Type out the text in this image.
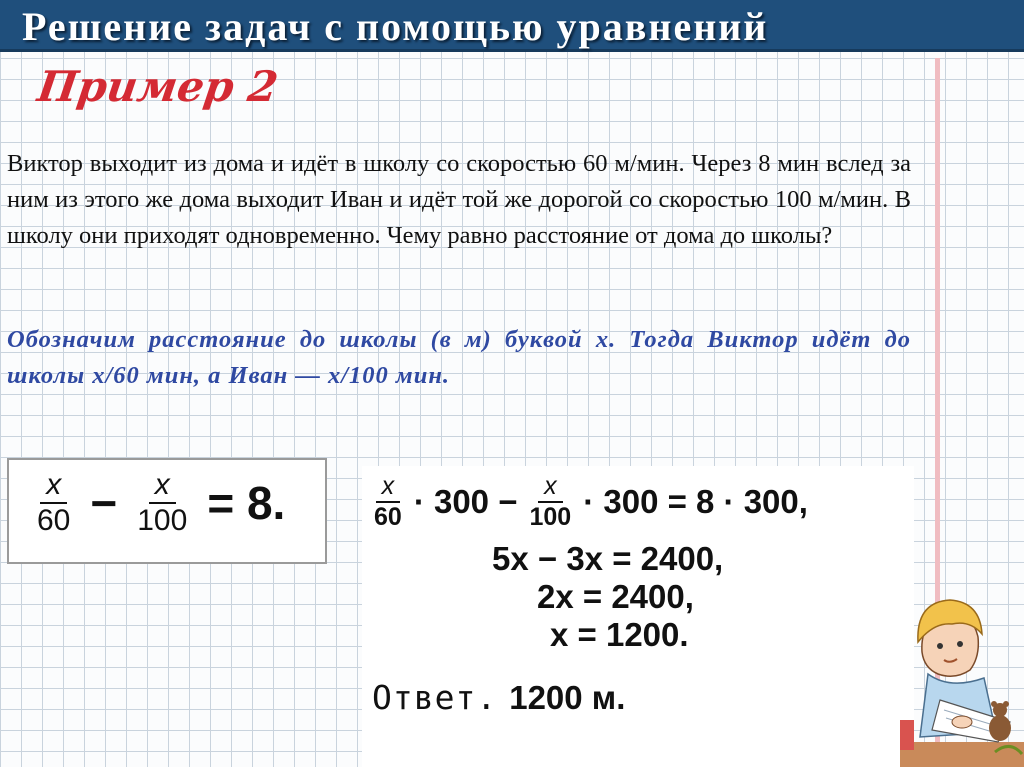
Решение задач с помощью уравнений
Пример 2

Виктор выходит из дома и идёт в школу со скоростью 60 м/мин. Через 8 мин вслед за ним из этого же дома выходит Иван и идёт той же дорогой со скоростью 100 м/мин. В школу они приходят одновременно. Чему равно расстояние от дома до школы?

Обозначим расстояние до школы (в м) буквой x. Тогда Виктор идёт до школы x/60 мин, а Иван — x/100 мин.

$\frac{x}{60} - \frac{x}{100} = 8$.	$\frac{x}{60} \cdot 300 - \frac{x}{100} \cdot 300 = 8 \cdot 300$,
5x − 3x = 2400,
2x = 2400,
x = 1200.
Ответ. 1200 м.
